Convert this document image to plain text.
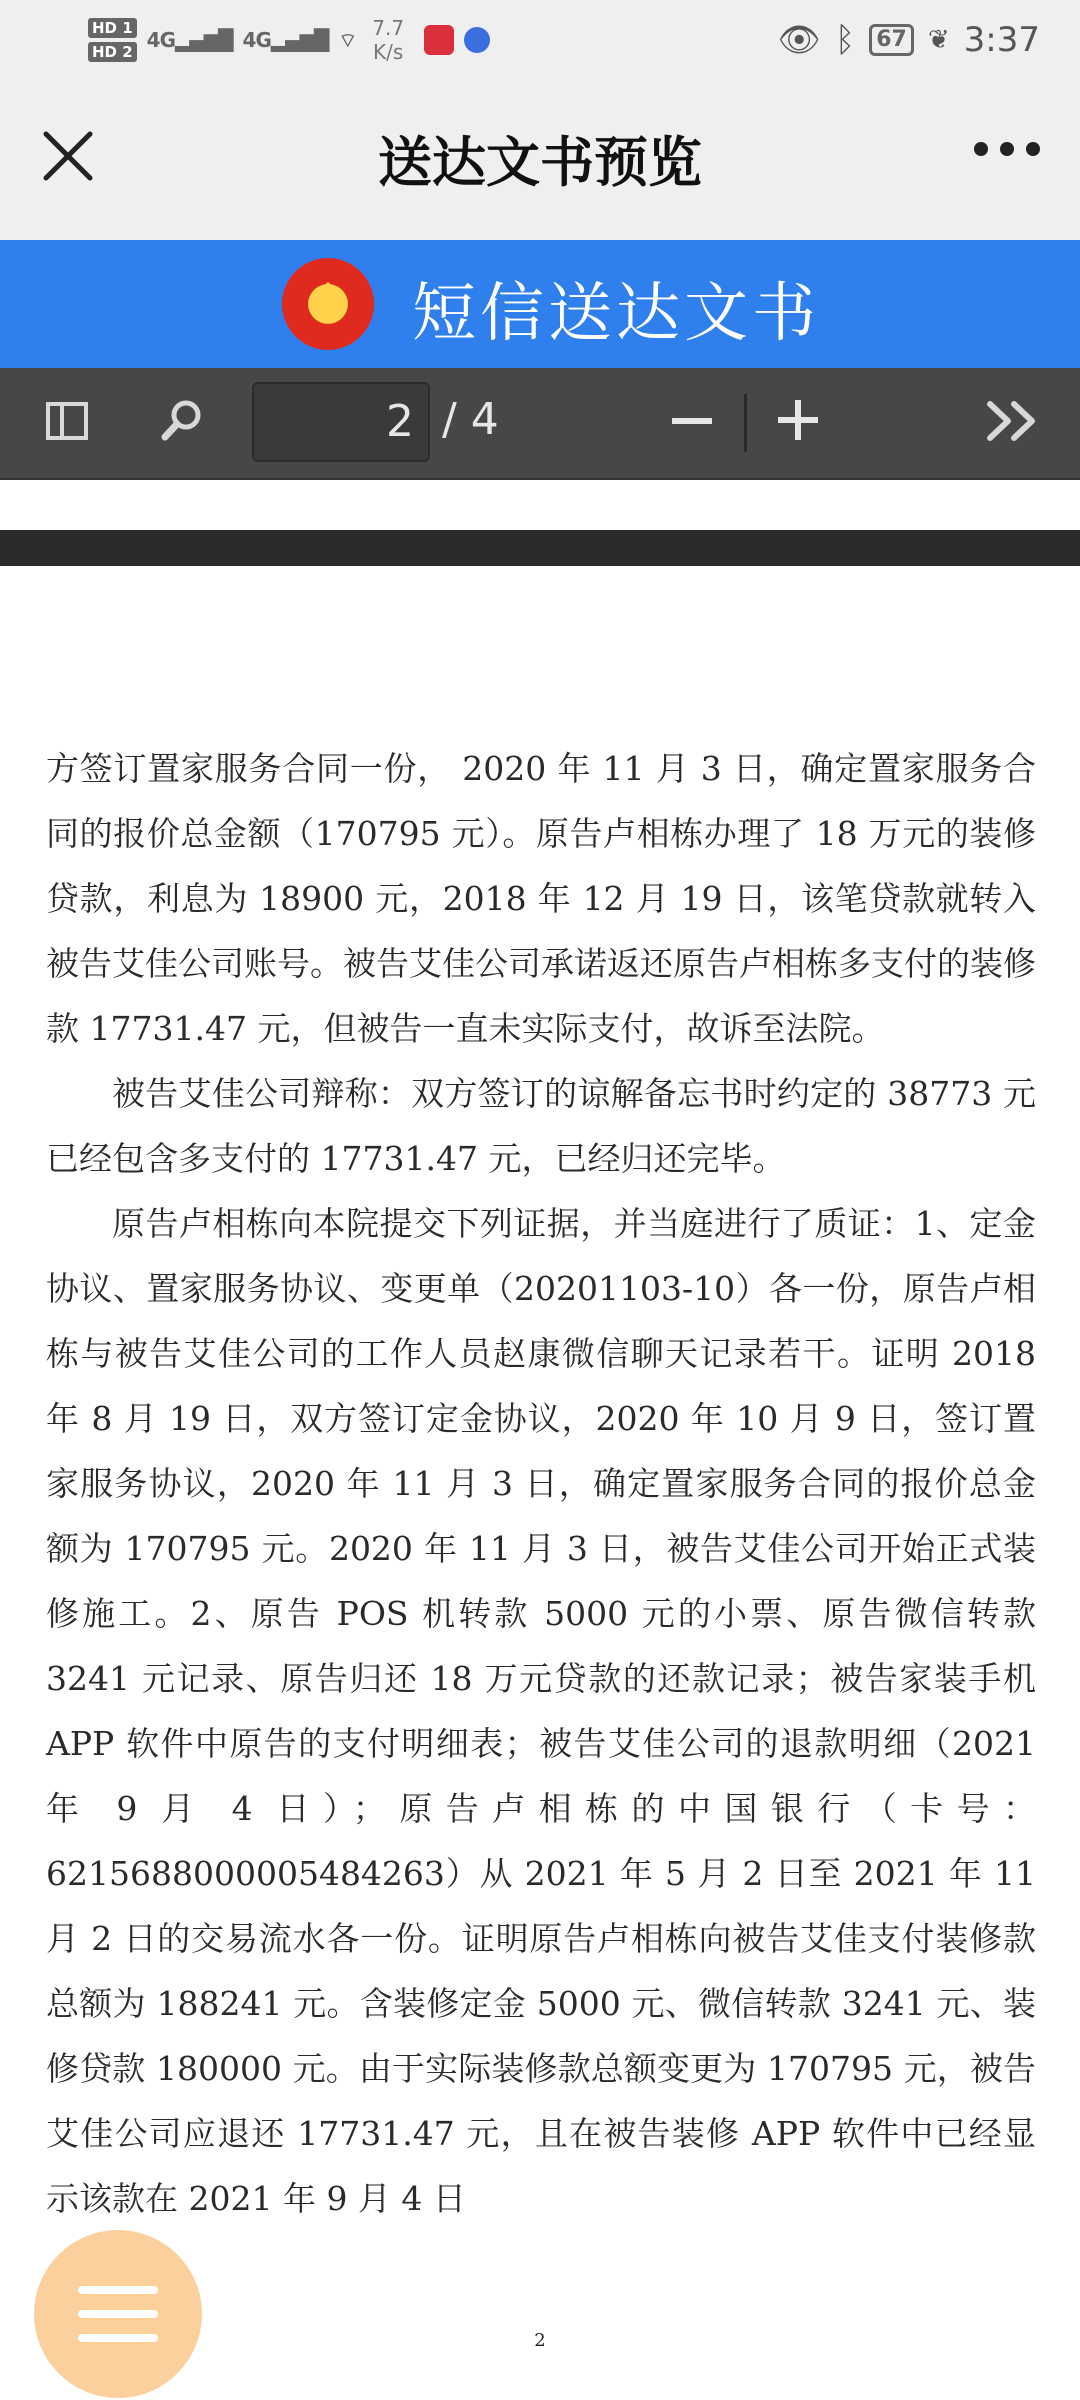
HD 1
HD 2 4G▂▄▆█ 4G▂▄▆█ ⌔ 7.7
K/s	👁 ᛒ 67 ❦ 3:37
送达文书预览
短信送达文书
2 / 4

方签订置家服务合同一份， 2020 年 11 月 3 日，确定置家服务合同的报价总金额（170795 元）。原告卢相栋办理了 18 万元的装修贷款，利息为 18900 元，2018 年 12 月 19 日，该笔贷款就转入被告艾佳公司账号。被告艾佳公司承诺返还原告卢相栋多支付的装修款 17731.47 元，但被告一直未实际支付，故诉至法院。

被告艾佳公司辩称：双方签订的谅解备忘书时约定的 38773 元已经包含多支付的 17731.47 元，已经归还完毕。

原告卢相栋向本院提交下列证据，并当庭进行了质证：1、定金协议、置家服务协议、变更单（20201103-10）各一份，原告卢相栋与被告艾佳公司的工作人员赵康微信聊天记录若干。证明 2018 年 8 月 19 日，双方签订定金协议，2020 年 10 月 9 日，签订置家服务协议，2020 年 11 月 3 日，确定置家服务合同的报价总金额为 170795 元。2020 年 11 月 3 日，被告艾佳公司开始正式装修施工。2、原告 POS 机转款 5000 元的小票、原告微信转款 3241 元记录、原告归还 18 万元贷款的还款记录；被告家装手机 APP 软件中原告的支付明细表；被告艾佳公司的退款明细（2021 年 9 月 4 日）；原告卢相栋的中国银行（卡号：6215688000005484263）从 2021 年 5 月 2 日至 2021 年 11 月 2 日的交易流水各一份。证明原告卢相栋向被告艾佳支付装修款总额为 188241 元。含装修定金 5000 元、微信转款 3241 元、装修贷款 180000 元。由于实际装修款总额变更为 170795 元，被告艾佳公司应退还 17731.47 元，且在被告装修 APP 软件中已经显示该款在 2021 年 9 月 4 日

2
